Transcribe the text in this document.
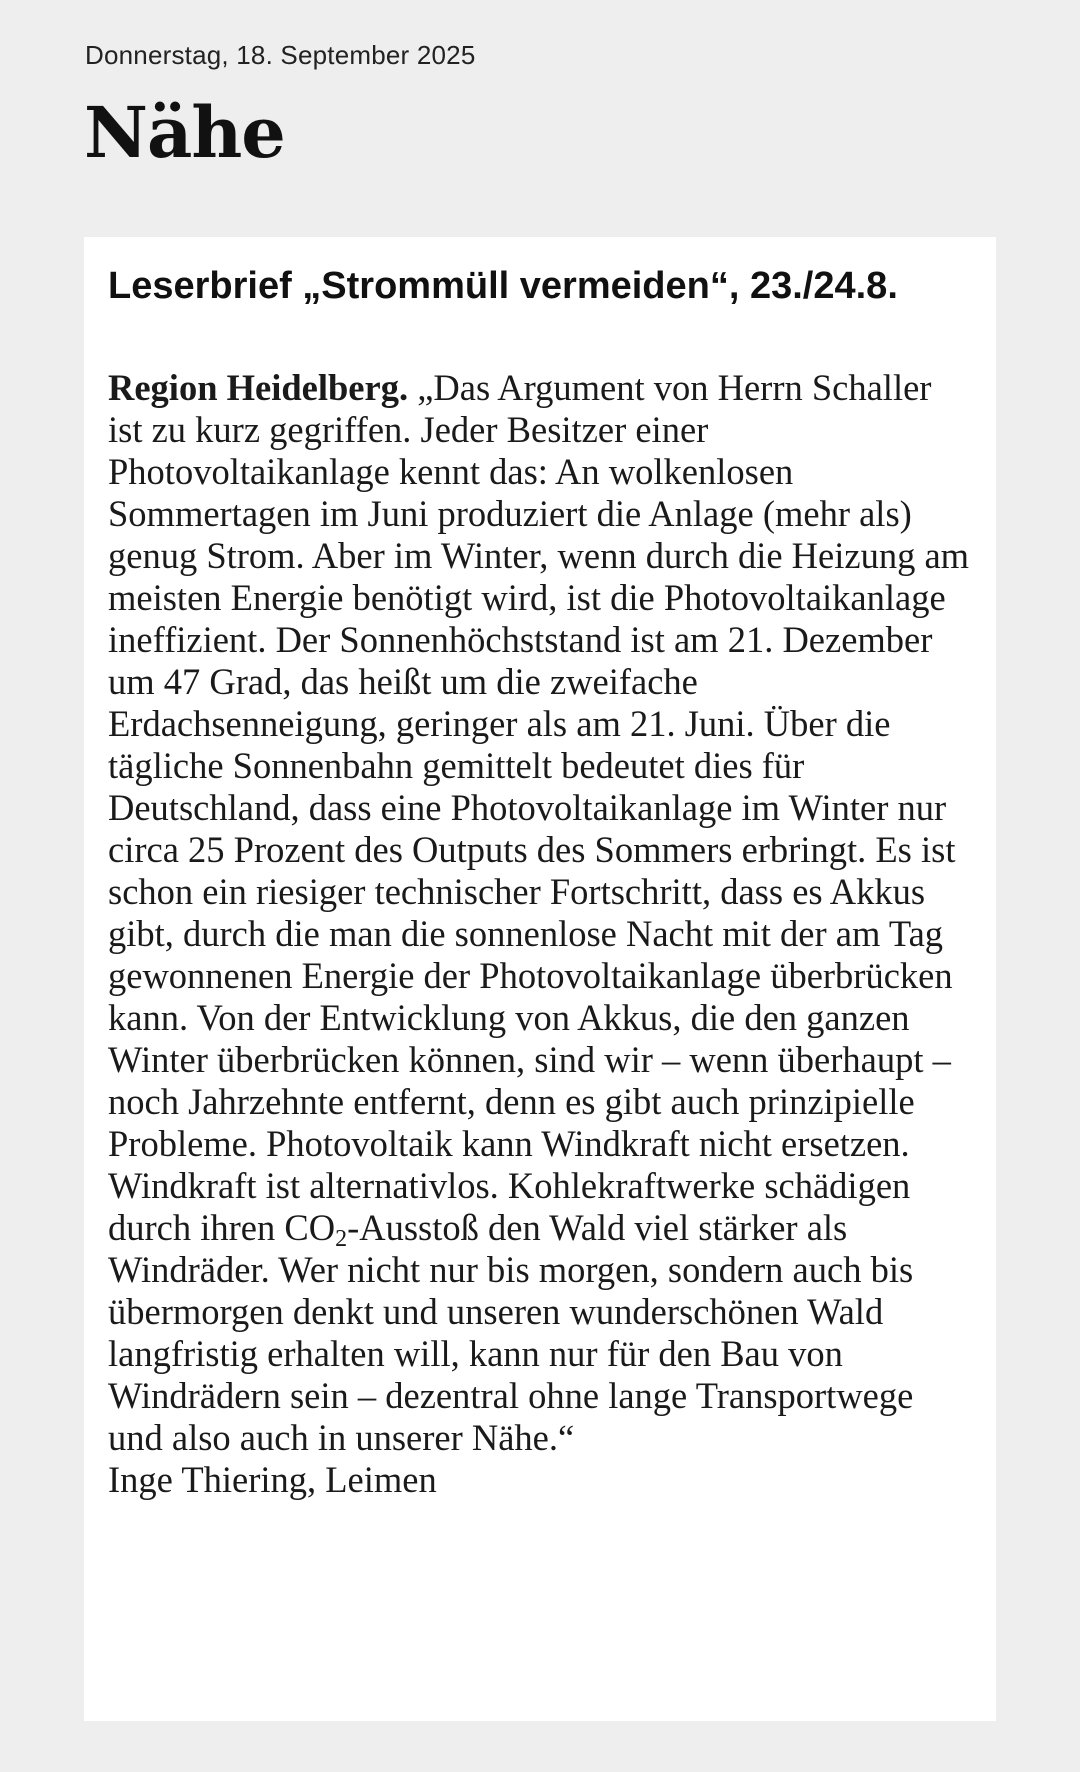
Donnerstag, 18. September 2025
Nähe
Leserbrief „Strommüll vermeiden“, 23./24.8.

Region Heidelberg. „Das Argument von Herrn Schaller ist zu kurz gegriffen. Jeder Besitzer einer Photovoltaikanlage kennt das: An wolkenlosen Sommertagen im Juni produziert die Anlage (mehr als) genug Strom. Aber im Winter, wenn durch die Heizung am meisten Energie benötigt wird, ist die Photovoltaikanlage ineffizient. Der Sonnenhöchststand ist am 21. Dezember um 47 Grad, das heißt um die zweifache Erdachsenneigung, geringer als am 21. Juni. Über die tägliche Sonnenbahn gemittelt bedeutet dies für Deutschland, dass eine Photovoltaikanlage im Winter nur circa 25 Prozent des Outputs des Sommers erbringt. Es ist schon ein riesiger technischer Fortschritt, dass es Akkus gibt, durch die man die sonnenlose Nacht mit der am Tag gewonnenen Energie der Photovoltaikanlage überbrücken kann. Von der Entwicklung von Akkus, die den ganzen Winter überbrücken können, sind wir – wenn überhaupt – noch Jahrzehnte entfernt, denn es gibt auch prinzipielle Probleme. Photovoltaik kann Windkraft nicht ersetzen. Windkraft ist alternativlos. Kohlekraftwerke schädigen durch ihren $CO_2$-Ausstoß den Wald viel stärker als Windräder. Wer nicht nur bis morgen, sondern auch bis übermorgen denkt und unseren wunderschönen Wald langfristig erhalten will, kann nur für den Bau von Windrädern sein – dezentral ohne lange Transportwege und also auch in unserer Nähe.“
Inge Thiering, Leimen
